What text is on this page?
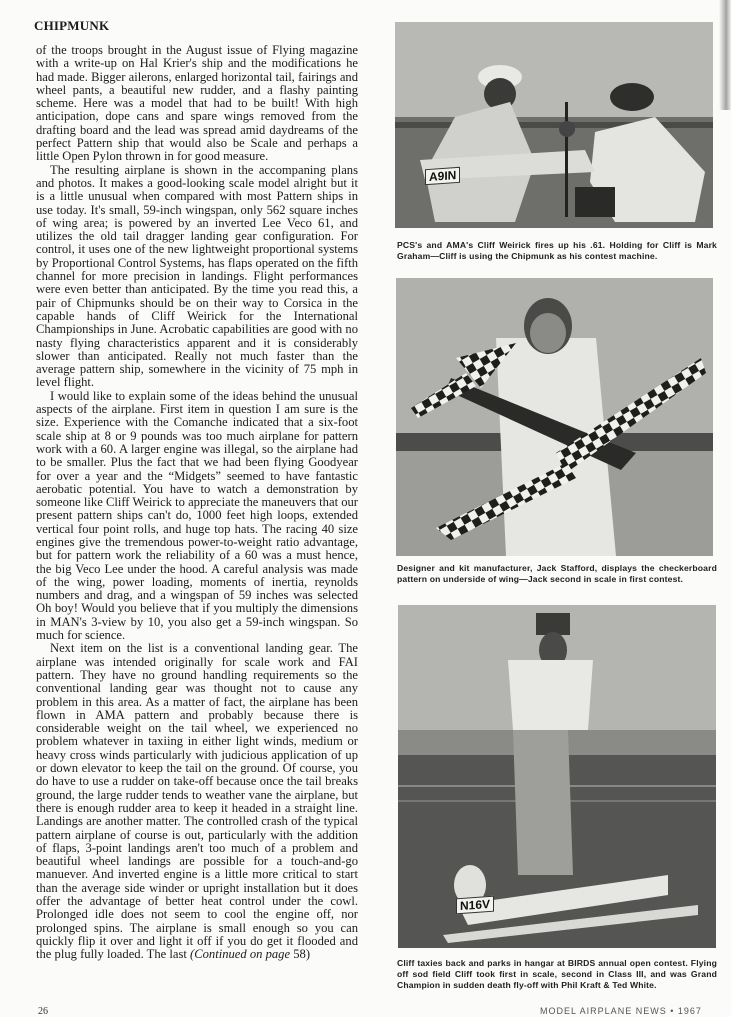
CHIPMUNK

of the troops brought in the August issue of Flying magazine with a write-up on Hal Krier's ship and the modifications he had made. Bigger ailerons, enlarged horizontal tail, fairings and wheel pants, a beautiful new rudder, and a flashy painting scheme. Here was a model that had to be built! With high anticipation, dope cans and spare wings removed from the drafting board and the lead was spread amid daydreams of the perfect Pattern ship that would also be Scale and perhaps a little Open Pylon thrown in for good measure.

The resulting airplane is shown in the accompaning plans and photos. It makes a good-looking scale model alright but it is a little unusual when compared with most Pattern ships in use today. It's small, 59-inch wingspan, only 562 square inches of wing area; is powered by an inverted Lee Veco 61, and utilizes the old tail dragger landing gear configuration. For control, it uses one of the new lightweight proportional systems by Proportional Control Systems, has flaps operated on the fifth channel for more precision in landings. Flight performances were even better than anticipated. By the time you read this, a pair of Chipmunks should be on their way to Corsica in the capable hands of Cliff Weirick for the International Championships in June. Acrobatic capabilities are good with no nasty flying characteristics apparent and it is considerably slower than anticipated. Really not much faster than the average pattern ship, somewhere in the vicinity of 75 mph in level flight.

I would like to explain some of the ideas behind the unusual aspects of the airplane. First item in question I am sure is the size. Experience with the Comanche indicated that a six-foot scale ship at 8 or 9 pounds was too much airplane for pattern work with a 60. A larger engine was illegal, so the airplane had to be smaller. Plus the fact that we had been flying Goodyear for over a year and the “Midgets” seemed to have fantastic aerobatic potential. You have to watch a demonstration by someone like Cliff Weirick to appreciate the maneuvers that our present pattern ships can't do, 1000 feet high loops, extended vertical four point rolls, and huge top hats. The racing 40 size engines give the tremendous power-to-weight ratio advantage, but for pattern work the reliability of a 60 was a must hence, the big Veco Lee under the hood. A careful analysis was made of the wing, power loading, moments of inertia, reynolds numbers and drag, and a wingspan of 59 inches was selected Oh boy! Would you believe that if you multiply the dimensions in MAN's 3-view by 10, you also get a 59-inch wingspan. So much for science.

Next item on the list is a conventional landing gear. The airplane was intended originally for scale work and FAI pattern. They have no ground handling requirements so the conventional landing gear was thought not to cause any problem in this area. As a matter of fact, the airplane has been flown in AMA pattern and probably because there is considerable weight on the tail wheel, we experienced no problem whatever in taxiing in either light winds, medium or heavy cross winds particularly with judicious application of up or down elevator to keep the tail on the ground. Of course, you do have to use a rudder on take-off because once the tail breaks ground, the large rudder tends to weather vane the airplane, but there is enough rudder area to keep it headed in a straight line. Landings are another matter. The controlled crash of the typical pattern airplane of course is out, particularly with the addition of flaps, 3-point landings aren't too much of a problem and beautiful wheel landings are possible for a touch-and-go manuever. And inverted engine is a little more critical to start than the average side winder or upright installation but it does offer the advantage of better heat control under the cowl. Prolonged idle does not seem to cool the engine off, nor prolonged spins. The airplane is small enough so you can quickly flip it over and light it off if you do get it flooded and the plug fully loaded. The last (Continued on page 58)

A9IN
PCS's and AMA's Cliff Weirick fires up his .61. Holding for Cliff is Mark Graham—Cliff is using the Chipmunk as his contest machine.
Designer and kit manufacturer, Jack Stafford, displays the checkerboard pattern on underside of wing—Jack second in scale in first contest.
N16V
Cliff taxies back and parks in hangar at BIRDS annual open contest. Flying off sod field Cliff took first in scale, second in Class III, and was Grand Champion in sudden death fly-off with Phil Kraft & Ted White.
26	MODEL AIRPLANE NEWS • 1967
